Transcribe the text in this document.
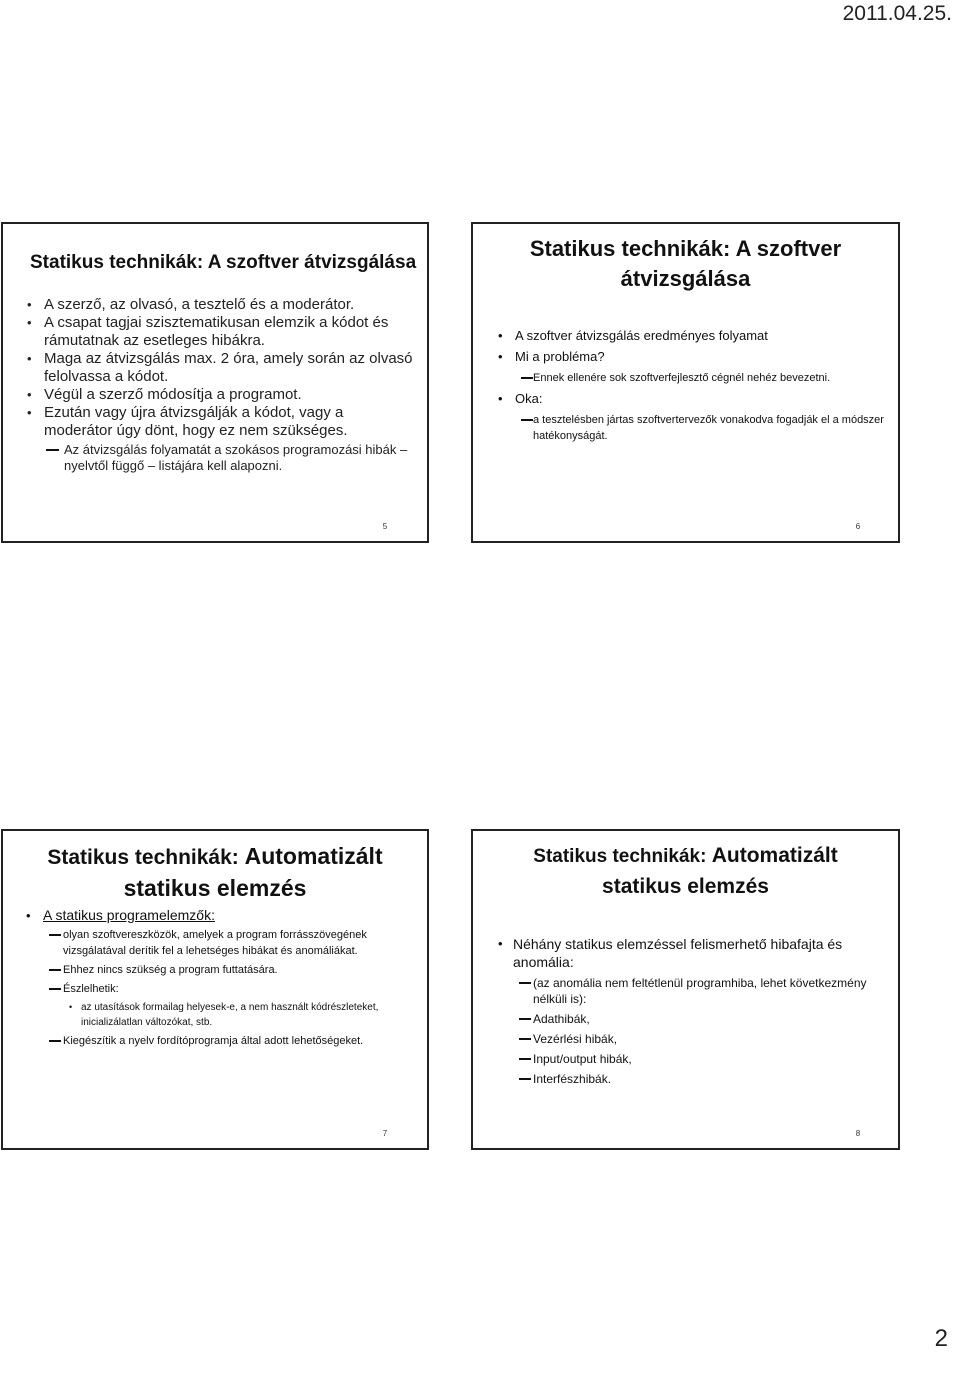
2011.04.25.
Statikus technikák: A szoftver átvizsgálása
• A szerző, az olvasó, a tesztelő és a moderátor.
• A csapat tagjai szisztematikusan elemzik a kódot és rámutatnak az esetleges hibákra.
• Maga az átvizsgálás max. 2 óra, amely során az olvasó felolvassa a kódot.
• Végül a szerző módosítja a programot.
• Ezután vagy újra átvizsgálják a kódot, vagy a moderátor úgy dönt, hogy ez nem szükséges.
Az átvizsgálás folyamatát a szokásos programozási hibák – nyelvtől függő – listájára kell alapozni.
5
Statikus technikák: A szoftver átvizsgálása
• A szoftver átvizsgálás eredményes folyamat
• Mi a probléma?
Ennek ellenére sok szoftverfejlesztő cégnél nehéz bevezetni.
• Oka:
a tesztelésben jártas szoftvertervezők vonakodva fogadják el a módszer hatékonyságát.
6
Statikus technikák: Automatizált statikus elemzés
• A statikus programelemzők:
olyan szoftvereszközök, amelyek a program forrásszövegének vizsgálatával derítik fel a lehetséges hibákat és anomáliákat.
Ehhez nincs szükség a program futtatására.
Észlelhetik:
• az utasítások formailag helyesek-e, a nem használt kódrészleteket, inicializálatlan változókat, stb.
Kiegészítik a nyelv fordítóprogramja által adott lehetőségeket.
7
Statikus technikák: Automatizált statikus elemzés
• Néhány statikus elemzéssel felismerhető hibafajta és anomália:
(az anomália nem feltétlenül programhiba, lehet következmény nélküli is):
Adathibák,
Vezérlési hibák,
Input/output hibák,
Interfészhibák.
8
2
